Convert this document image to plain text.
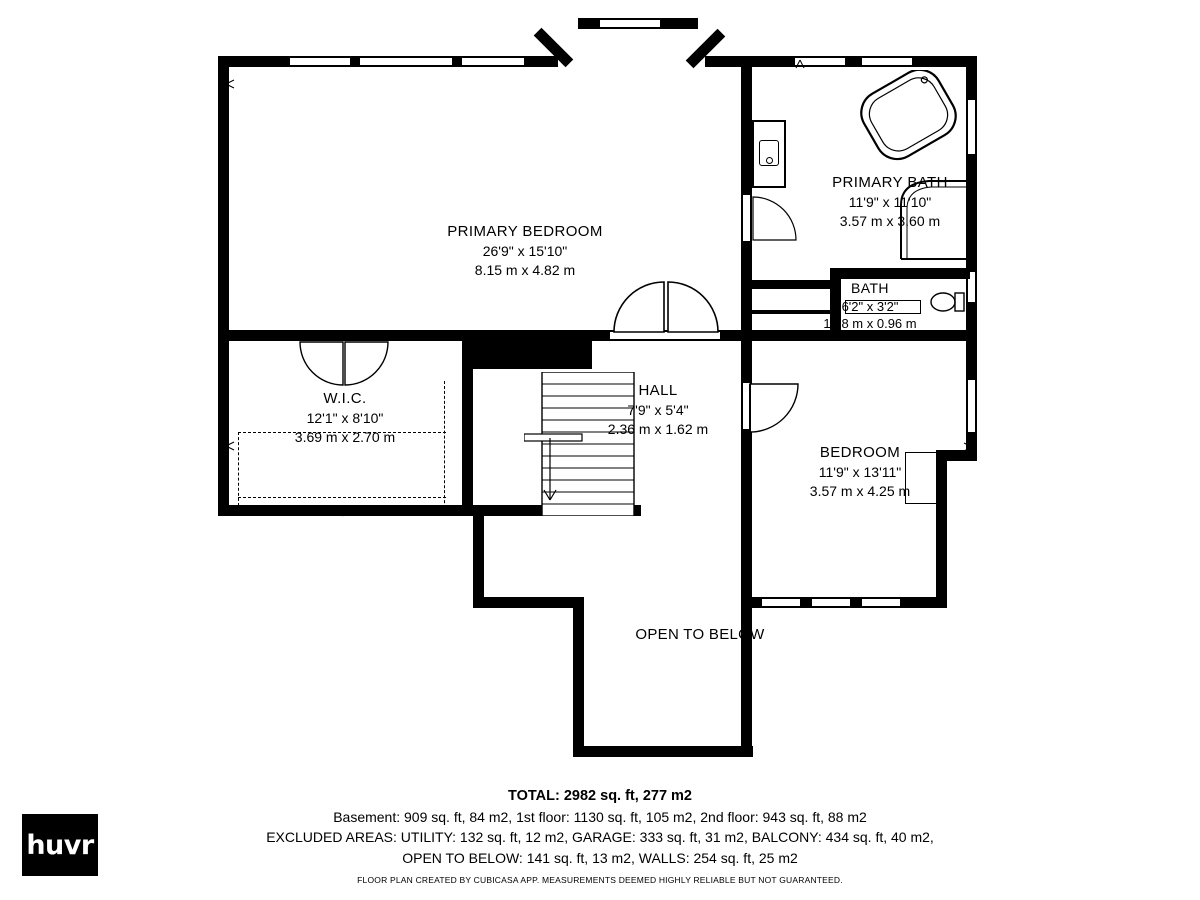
PRIMARY BEDROOM
26'9" x 15'10"
8.15 m x 4.82 m
PRIMARY BATH
11'9" x 11'10"
3.57 m x 3.60 m
BATH
6'2" x 3'2"
1.88 m x 0.96 m
W.I.C.
12'1" x 8'10"
3.69 m x 2.70 m
HALL
7'9" x 5'4"
2.36 m x 1.62 m
BEDROOM
11'9" x 13'11"
3.57 m x 4.25 m
OPEN TO BELOW
TOTAL: 2982 sq. ft, 277 m2
Basement: 909 sq. ft, 84 m2, 1st floor: 1130 sq. ft, 105 m2, 2nd floor: 943 sq. ft, 88 m2
EXCLUDED AREAS: UTILITY: 132 sq. ft, 12 m2, GARAGE: 333 sq. ft, 31 m2, BALCONY: 434 sq. ft, 40 m2,
OPEN TO BELOW: 141 sq. ft, 13 m2, WALLS: 254 sq. ft, 25 m2
FLOOR PLAN CREATED BY CUBICASA APP. MEASUREMENTS DEEMED HIGHLY RELIABLE BUT NOT GUARANTEED.
huvr
